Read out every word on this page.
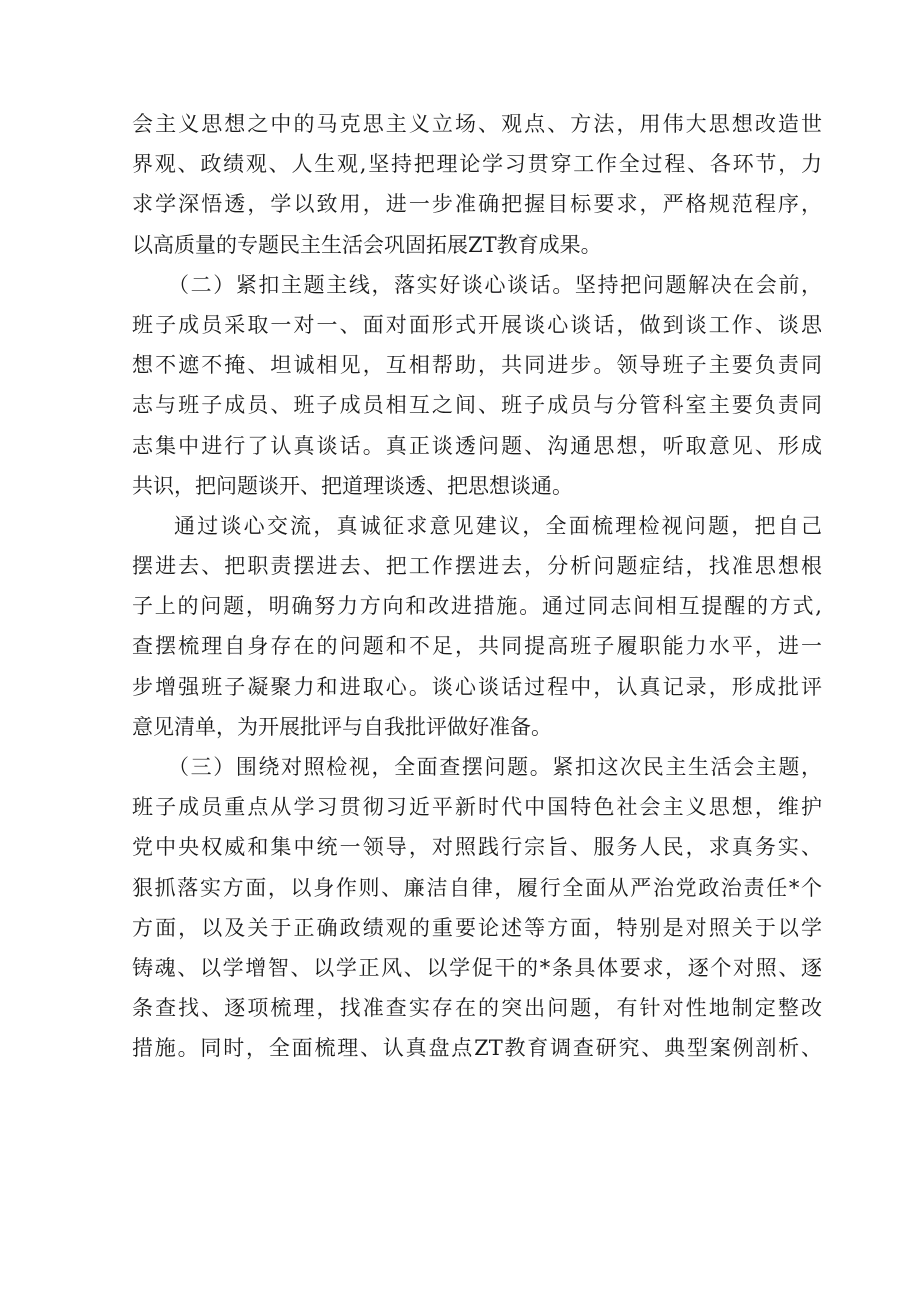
会主义思想之中的马克思主义立场、观点、方法，用伟大思想改造世
界观、政绩观、人生观,坚持把理论学习贯穿工作全过程、各环节，力
求学深悟透，学以致用，进一步准确把握目标要求，严格规范程序，
以高质量的专题民主生活会巩固拓展ZT教育成果。
（二）紧扣主题主线，落实好谈心谈话。坚持把问题解决在会前，
班子成员采取一对一、面对面形式开展谈心谈话，做到谈工作、谈思
想不遮不掩、坦诚相见，互相帮助，共同进步。领导班子主要负责同
志与班子成员、班子成员相互之间、班子成员与分管科室主要负责同
志集中进行了认真谈话。真正谈透问题、沟通思想，听取意见、形成
共识，把问题谈开、把道理谈透、把思想谈通。
通过谈心交流，真诚征求意见建议，全面梳理检视问题，把自己
摆进去、把职责摆进去、把工作摆进去，分析问题症结，找准思想根
子上的问题，明确努力方向和改进措施。通过同志间相互提醒的方式,
查摆梳理自身存在的问题和不足，共同提高班子履职能力水平，进一
步增强班子凝聚力和进取心。谈心谈话过程中，认真记录，形成批评
意见清单，为开展批评与自我批评做好准备。
（三）围绕对照检视，全面查摆问题。紧扣这次民主生活会主题，
班子成员重点从学习贯彻习近平新时代中国特色社会主义思想，维护
党中央权威和集中统一领导，对照践行宗旨、服务人民，求真务实、
狠抓落实方面，以身作则、廉洁自律，履行全面从严治党政治责任*个
方面，以及关于正确政绩观的重要论述等方面，特别是对照关于以学
铸魂、以学增智、以学正风、以学促干的*条具体要求，逐个对照、逐
条查找、逐项梳理，找准查实存在的突出问题，有针对性地制定整改
措施。同时，全面梳理、认真盘点ZT教育调查研究、典型案例剖析、
